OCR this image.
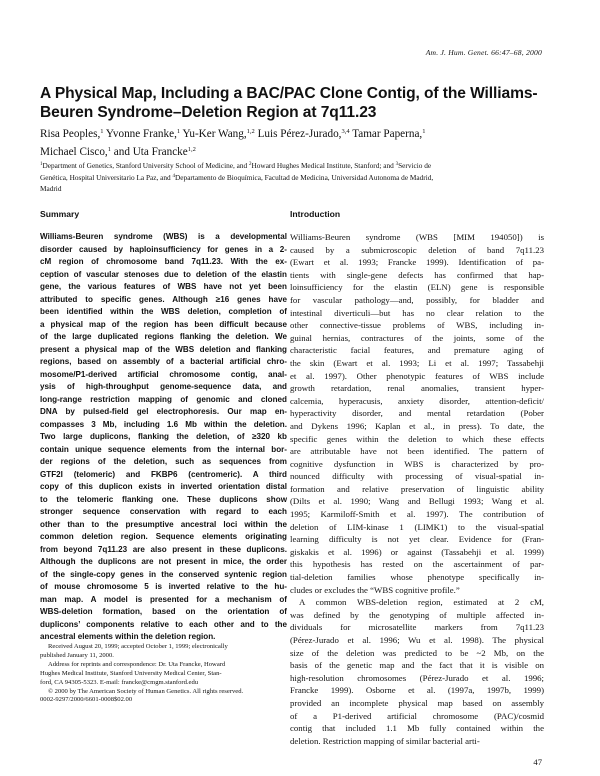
Am. J. Hum. Genet. 66:47–68, 2000
A Physical Map, Including a BAC/PAC Clone Contig, of the Williams-Beuren Syndrome–Deletion Region at 7q11.23
Risa Peoples,$^1$ Yvonne Franke,$^1$ Yu-Ker Wang,$^{1,2}$ Luis Pérez-Jurado,$^{3,4}$ Tamar Paperna,$^1$
Michael Cisco,$^1$ and Uta Francke$^{1,2}$
$^1$Department of Genetics, Stanford University School of Medicine, and $^2$Howard Hughes Medical Institute, Stanford; and $^3$Servicio de
Genética, Hospital Universitario La Paz, and $^4$Departamento de Bioquímica, Facultad de Medicina, Universidad Autonoma de Madrid,
Madrid
Summary
Williams-Beuren syndrome (WBS) is a developmental
disorder caused by haploinsufficiency for genes in a 2-
cM region of chromosome band 7q11.23. With the ex-
ception of vascular stenoses due to deletion of the elastin
gene, the various features of WBS have not yet been
attributed to specific genes. Although ≥16 genes have
been identified within the WBS deletion, completion of
a physical map of the region has been difficult because
of the large duplicated regions flanking the deletion. We
present a physical map of the WBS deletion and flanking
regions, based on assembly of a bacterial artificial chro-
mosome/P1-derived artificial chromosome contig, anal-
ysis of high-throughput genome-sequence data, and
long-range restriction mapping of genomic and cloned
DNA by pulsed-field gel electrophoresis. Our map en-
compasses 3 Mb, including 1.6 Mb within the deletion.
Two large duplicons, flanking the deletion, of ≥320 kb
contain unique sequence elements from the internal bor-
der regions of the deletion, such as sequences from
GTF2I (telomeric) and FKBP6 (centromeric). A third
copy of this duplicon exists in inverted orientation distal
to the telomeric flanking one. These duplicons show
stronger sequence conservation with regard to each
other than to the presumptive ancestral loci within the
common deletion region. Sequence elements originating
from beyond 7q11.23 are also present in these duplicons.
Although the duplicons are not present in mice, the order
of the single-copy genes in the conserved syntenic region
of mouse chromosome 5 is inverted relative to the hu-
man map. A model is presented for a mechanism of
WBS-deletion formation, based on the orientation of
duplicons’ components relative to each other and to the
ancestral elements within the deletion region.
Introduction
Williams-Beuren syndrome (WBS [MIM 194050]) is
caused by a submicroscopic deletion of band 7q11.23
(Ewart et al. 1993; Francke 1999). Identification of pa-
tients with single-gene defects has confirmed that hap-
loinsufficiency for the elastin (ELN) gene is responsible
for vascular pathology—and, possibly, for bladder and
intestinal diverticuli—but has no clear relation to the
other connective-tissue problems of WBS, including in-
guinal hernias, contractures of the joints, some of the
characteristic facial features, and premature aging of
the skin (Ewart et al. 1993; Li et al. 1997; Tassabehji
et al. 1997). Other phenotypic features of WBS include
growth retardation, renal anomalies, transient hyper-
calcemia, hyperacusis, anxiety disorder, attention-deficit/
hyperactivity disorder, and mental retardation (Pober
and Dykens 1996; Kaplan et al., in press). To date, the
specific genes within the deletion to which these effects
are attributable have not been identified. The pattern of
cognitive dysfunction in WBS is characterized by pro-
nounced difficulty with processing of visual-spatial in-
formation and relative preservation of linguistic ability
(Dilts et al. 1990; Wang and Bellugi 1993; Wang et al.
1995; Karmiloff-Smith et al. 1997). The contribution of
deletion of LIM-kinase 1 (LIMK1) to the visual-spatial
learning difficulty is not yet clear. Evidence for (Fran-
giskakis et al. 1996) or against (Tassabehji et al. 1999)
this hypothesis has rested on the ascertainment of par-
tial-deletion families whose phenotype specifically in-
cludes or excludes the “WBS cognitive profile.”
A common WBS-deletion region, estimated at 2 cM,
was defined by the genotyping of multiple affected in-
dividuals for microsatellite markers from 7q11.23
(Pérez-Jurado et al. 1996; Wu et al. 1998). The physical
size of the deletion was predicted to be ~2 Mb, on the
basis of the genetic map and the fact that it is visible on
high-resolution chromosomes (Pérez-Jurado et al. 1996;
Francke 1999). Osborne et al. (1997a, 1997b, 1999)
provided an incomplete physical map based on assembly
of a P1-derived artificial chromosome (PAC)/cosmid
contig that included 1.1 Mb fully contained within the
deletion. Restriction mapping of similar bacterial arti-
Received August 20, 1999; accepted October 1, 1999; electronically
published January 11, 2000.
Address for reprints and correspondence: Dr. Uta Francke, Howard
Hughes Medical Institute, Stanford University Medical Center, Stan-
ford, CA 94305-5323. E-mail: francke@cmgm.stanford.edu
© 2000 by The American Society of Human Genetics. All rights reserved.
0002-9297/2000/6601-0008$02.00
47
